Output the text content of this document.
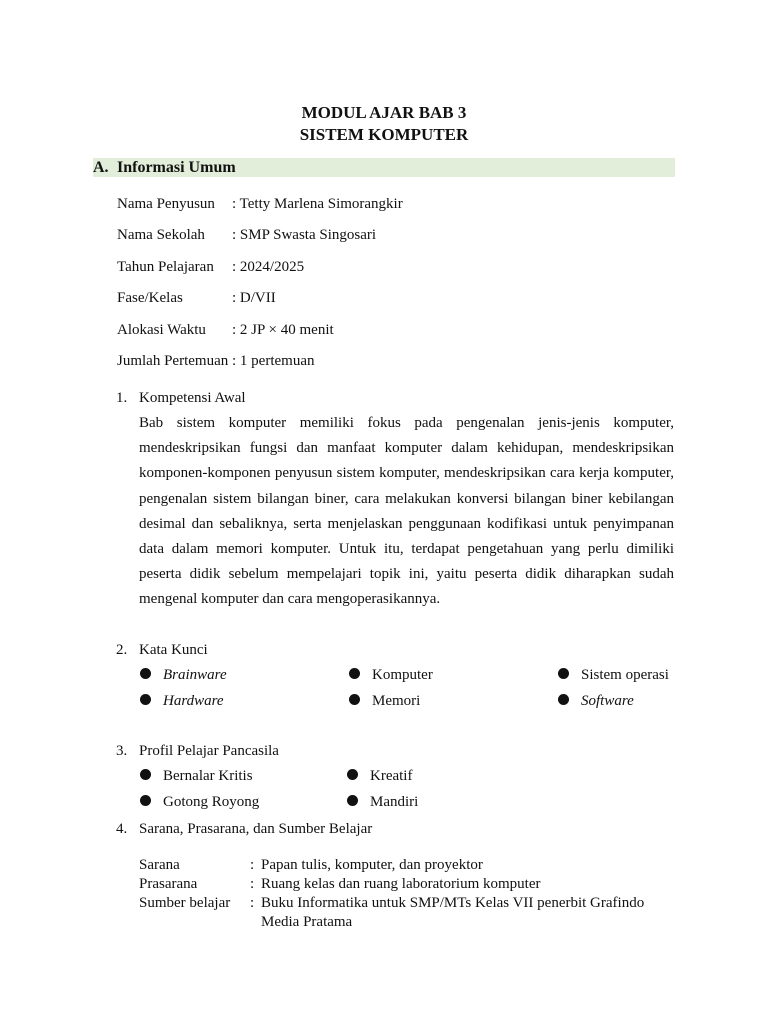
MODUL AJAR BAB 3
SISTEM KOMPUTER
A. Informasi Umum
Nama Penyusun : Tetty Marlena Simorangkir
Nama Sekolah : SMP Swasta Singosari
Tahun Pelajaran : 2024/2025
Fase/Kelas	: D/VII
Alokasi Waktu : 2 JP × 40 menit
Jumlah Pertemuan : 1 pertemuan
1. Kompetensi Awal

Bab sistem komputer memiliki fokus pada pengenalan jenis-jenis komputer, mendeskripsikan fungsi dan manfaat komputer dalam kehidupan, mendeskripsikan komponen-komponen penyusun sistem komputer, mendeskripsikan cara kerja komputer, pengenalan sistem bilangan biner, cara melakukan konversi bilangan biner kebilangan desimal dan sebaliknya, serta menjelaskan penggunaan kodifikasi untuk penyimpanan data dalam memori komputer. Untuk itu, terdapat pengetahuan yang perlu dimiliki peserta didik sebelum mempelajari topik ini, yaitu peserta didik diharapkan sudah mengenal komputer dan cara mengoperasikannya.

2. Kata Kunci
Brainware	Komputer	Sistem operasi
Hardware	Memori	Software
3. Profil Pelajar Pancasila
Bernalar Kritis	Kreatif
Gotong Royong	Mandiri
4. Sarana, Prasarana, dan Sumber Belajar
Sarana	: Papan tulis, komputer, dan proyektor
Prasarana	: Ruang kelas dan ruang laboratorium komputer
Sumber belajar : Buku Informatika untuk SMP/MTs Kelas VII penerbit Grafindo Media Pratama
